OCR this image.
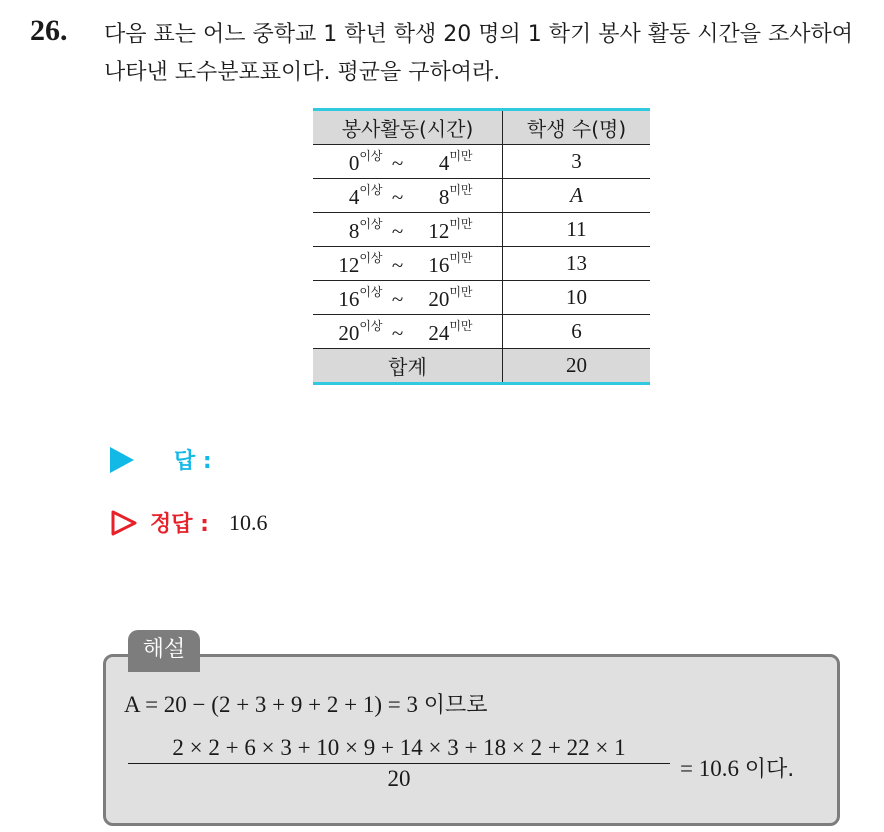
26. 다음 표는 어느 중학교 1 학년 학생 20 명의 1 학기 봉사 활동 시간을 조사하여 나타낸 도수분포표이다. 평균을 구하여라.
봉사활동(시간)	학생 수(명)
$0^{이상}$ ~ $4^{미만}$	3
$4^{이상}$ ~ $8^{미만}$	A
$8^{이상}$ ~ $12^{미만}$	11
$12^{이상}$ ~ $16^{미만}$	13
$16^{이상}$ ~ $20^{미만}$	10
$20^{이상}$ ~ $24^{미만}$	6
합계	20
답 :
정답 : 10.6
해설
A = 20 − (2 + 3 + 9 + 2 + 1) = 3 이므로
$\frac{2 \times 2 + 6 \times 3 + 10 \times 9 + 14 \times 3 + 18 \times 2 + 22 \times 1}{20} = 10.6$ 이다.
